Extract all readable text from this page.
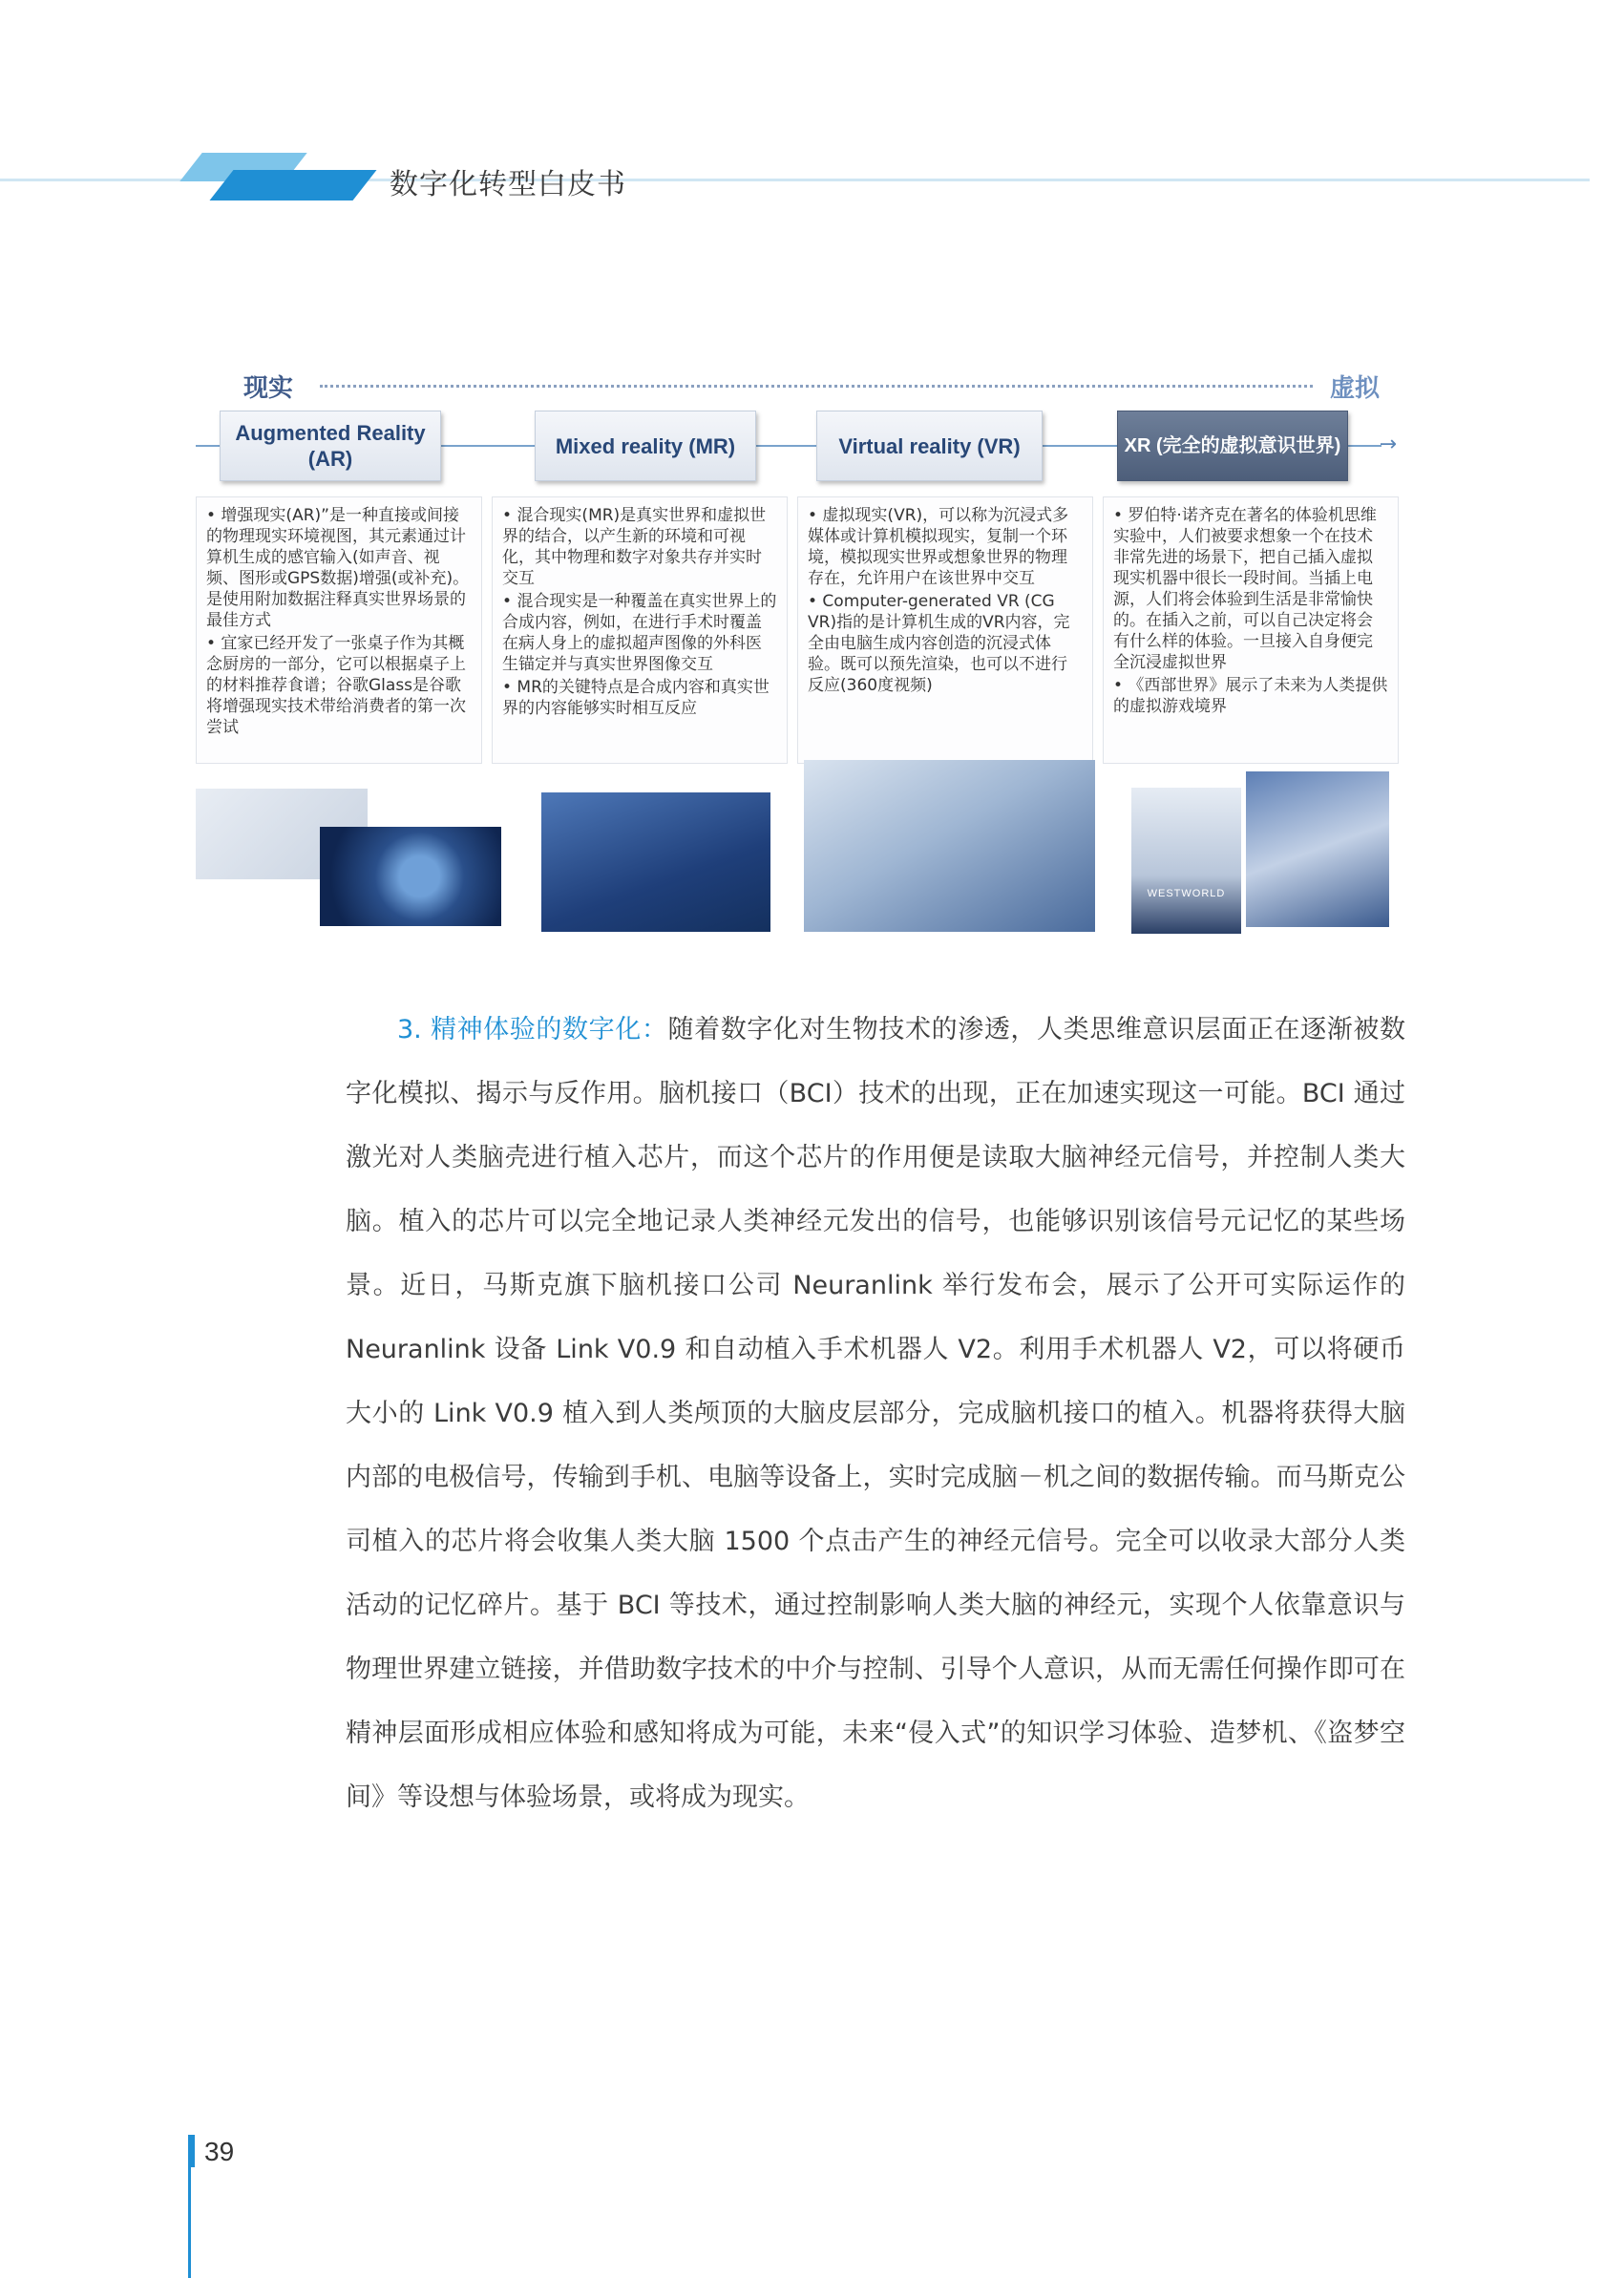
数字化转型白皮书
现实	虚拟
→
Augmented Reality (AR)
Mixed reality (MR)	Virtual reality (VR)	XR (完全的虚拟意识世界)

• 增强现实(AR)”是一种直接或间接的物理现实环境视图，其元素通过计算机生成的感官输入(如声音、视频、图形或GPS数据)增强(或补充)。是使用附加数据注释真实世界场景的最佳方式

• 宜家已经开发了一张桌子作为其概念厨房的一部分，它可以根据桌子上的材料推荐食谱；谷歌Glass是谷歌将增强现实技术带给消费者的第一次尝试

• 混合现实(MR)是真实世界和虚拟世界的结合，以产生新的环境和可视化，其中物理和数字对象共存并实时交互

• 混合现实是一种覆盖在真实世界上的合成内容，例如，在进行手术时覆盖在病人身上的虚拟超声图像的外科医生锚定并与真实世界图像交互

• MR的关键特点是合成内容和真实世界的内容能够实时相互反应

• 虚拟现实(VR)，可以称为沉浸式多媒体或计算机模拟现实，复制一个环境，模拟现实世界或想象世界的物理存在，允许用户在该世界中交互

• Computer-generated VR (CG VR)指的是计算机生成的VR内容，完全由电脑生成内容创造的沉浸式体验。既可以预先渲染，也可以不进行反应(360度视频)

• 罗伯特·诺齐克在著名的体验机思维实验中，人们被要求想象一个在技术非常先进的场景下，把自己插入虚拟现实机器中很长一段时间。当插上电源，人们将会体验到生活是非常愉快的。在插入之前，可以自己决定将会有什么样的体验。一旦接入自身便完全沉浸虚拟世界

• 《西部世界》展示了未来为人类提供的虚拟游戏境界

WESTWORLD
3. 精神体验的数字化：随着数字化对生物技术的渗透，人类思维意识层面正在逐渐被数字化模拟、揭示与反作用。脑机接口（BCI）技术的出现，正在加速实现这一可能。BCI 通过激光对人类脑壳进行植入芯片，而这个芯片的作用便是读取大脑神经元信号，并控制人类大脑。植入的芯片可以完全地记录人类神经元发出的信号，也能够识别该信号元记忆的某些场景。近日，马斯克旗下脑机接口公司 Neuranlink 举行发布会，展示了公开可实际运作的 Neuranlink 设备 Link V0.9 和自动植入手术机器人 V2。利用手术机器人 V2，可以将硬币大小的 Link V0.9 植入到人类颅顶的大脑皮层部分，完成脑机接口的植入。机器将获得大脑内部的电极信号，传输到手机、电脑等设备上，实时完成脑－机之间的数据传输。而马斯克公司植入的芯片将会收集人类大脑 1500 个点击产生的神经元信号。完全可以收录大部分人类活动的记忆碎片。基于 BCI 等技术，通过控制影响人类大脑的神经元，实现个人依靠意识与物理世界建立链接，并借助数字技术的中介与控制、引导个人意识，从而无需任何操作即可在精神层面形成相应体验和感知将成为可能，未来“侵入式”的知识学习体验、造梦机、《盗梦空间》等设想与体验场景，或将成为现实。
39
